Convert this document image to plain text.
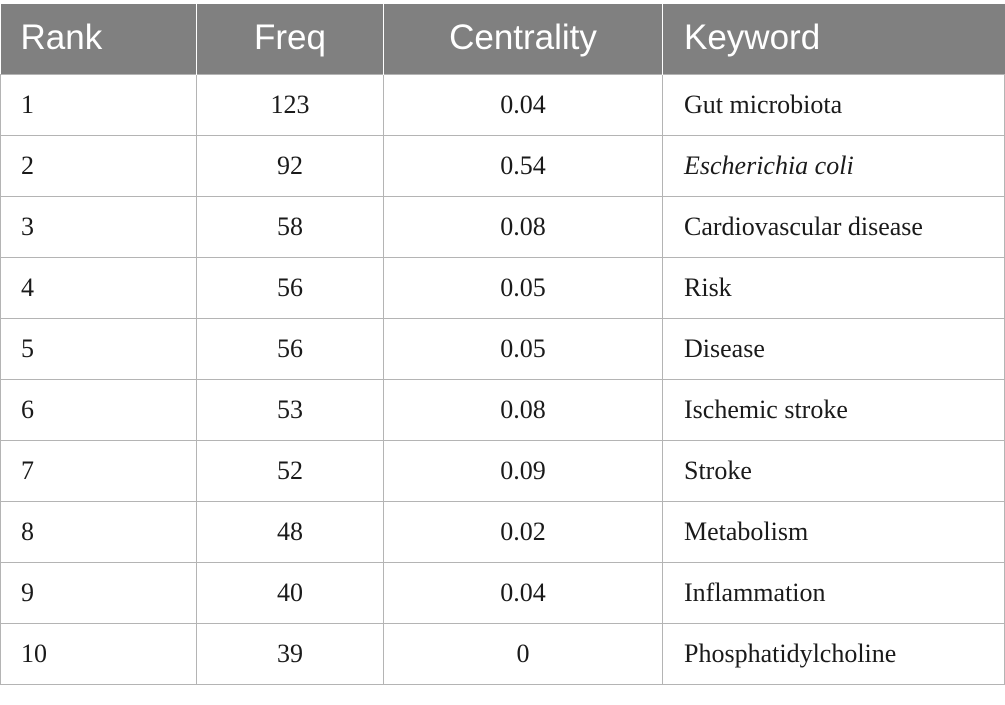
Rank	Freq	Centrality	Keyword
1	123	0.04	Gut microbiota
2	92	0.54	Escherichia coli
3	58	0.08	Cardiovascular disease
4	56	0.05	Risk
5	56	0.05	Disease
6	53	0.08	Ischemic stroke
7	52	0.09	Stroke
8	48	0.02	Metabolism
9	40	0.04	Inflammation
10	39	0	Phosphatidylcholine
